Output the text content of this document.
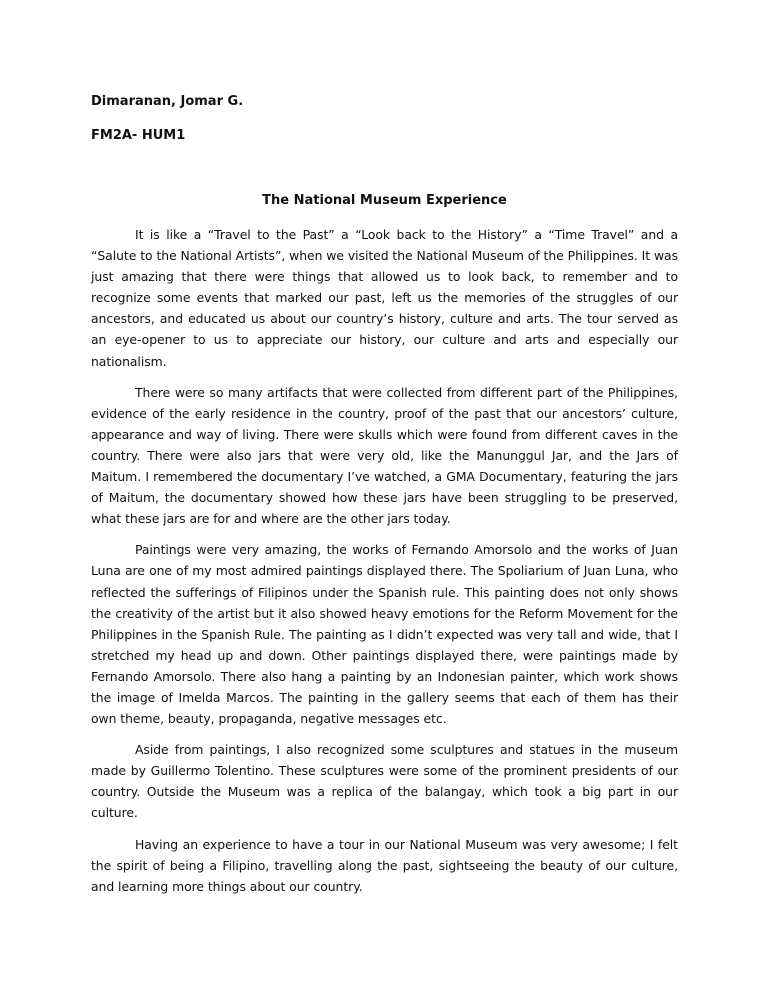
Dimaranan, Jomar G.

FM2A- HUM1

The National Museum Experience

It is like a “Travel to the Past” a “Look back to the History” a “Time Travel” and a “Salute to the National Artists”, when we visited the National Museum of the Philippines. It was just amazing that there were things that allowed us to look back, to remember and to recognize some events that marked our past, left us the memories of the struggles of our ancestors, and educated us about our country’s history, culture and arts. The tour served as an eye-opener to us to appreciate our history, our culture and arts and especially our nationalism.

There were so many artifacts that were collected from different part of the Philippines, evidence of the early residence in the country, proof of the past that our ancestors’ culture, appearance and way of living. There were skulls which were found from different caves in the country. There were also jars that were very old, like the Manunggul Jar, and the Jars of Maitum. I remembered the documentary I’ve watched, a GMA Documentary, featuring the jars of Maitum, the documentary showed how these jars have been struggling to be preserved, what these jars are for and where are the other jars today.

Paintings were very amazing, the works of Fernando Amorsolo and the works of Juan Luna are one of my most admired paintings displayed there. The Spoliarium of Juan Luna, who reflected the sufferings of Filipinos under the Spanish rule. This painting does not only shows the creativity of the artist but it also showed heavy emotions for the Reform Movement for the Philippines in the Spanish Rule. The painting as I didn’t expected was very tall and wide, that I stretched my head up and down. Other paintings displayed there, were paintings made by Fernando Amorsolo. There also hang a painting by an Indonesian painter, which work shows the image of Imelda Marcos. The painting in the gallery seems that each of them has their own theme, beauty, propaganda, negative messages etc.

Aside from paintings, I also recognized some sculptures and statues in the museum made by Guillermo Tolentino. These sculptures were some of the prominent presidents of our country. Outside the Museum was a replica of the balangay, which took a big part in our culture.

Having an experience to have a tour in our National Museum was very awesome; I felt the spirit of being a Filipino, travelling along the past, sightseeing the beauty of our culture, and learning more things about our country.
